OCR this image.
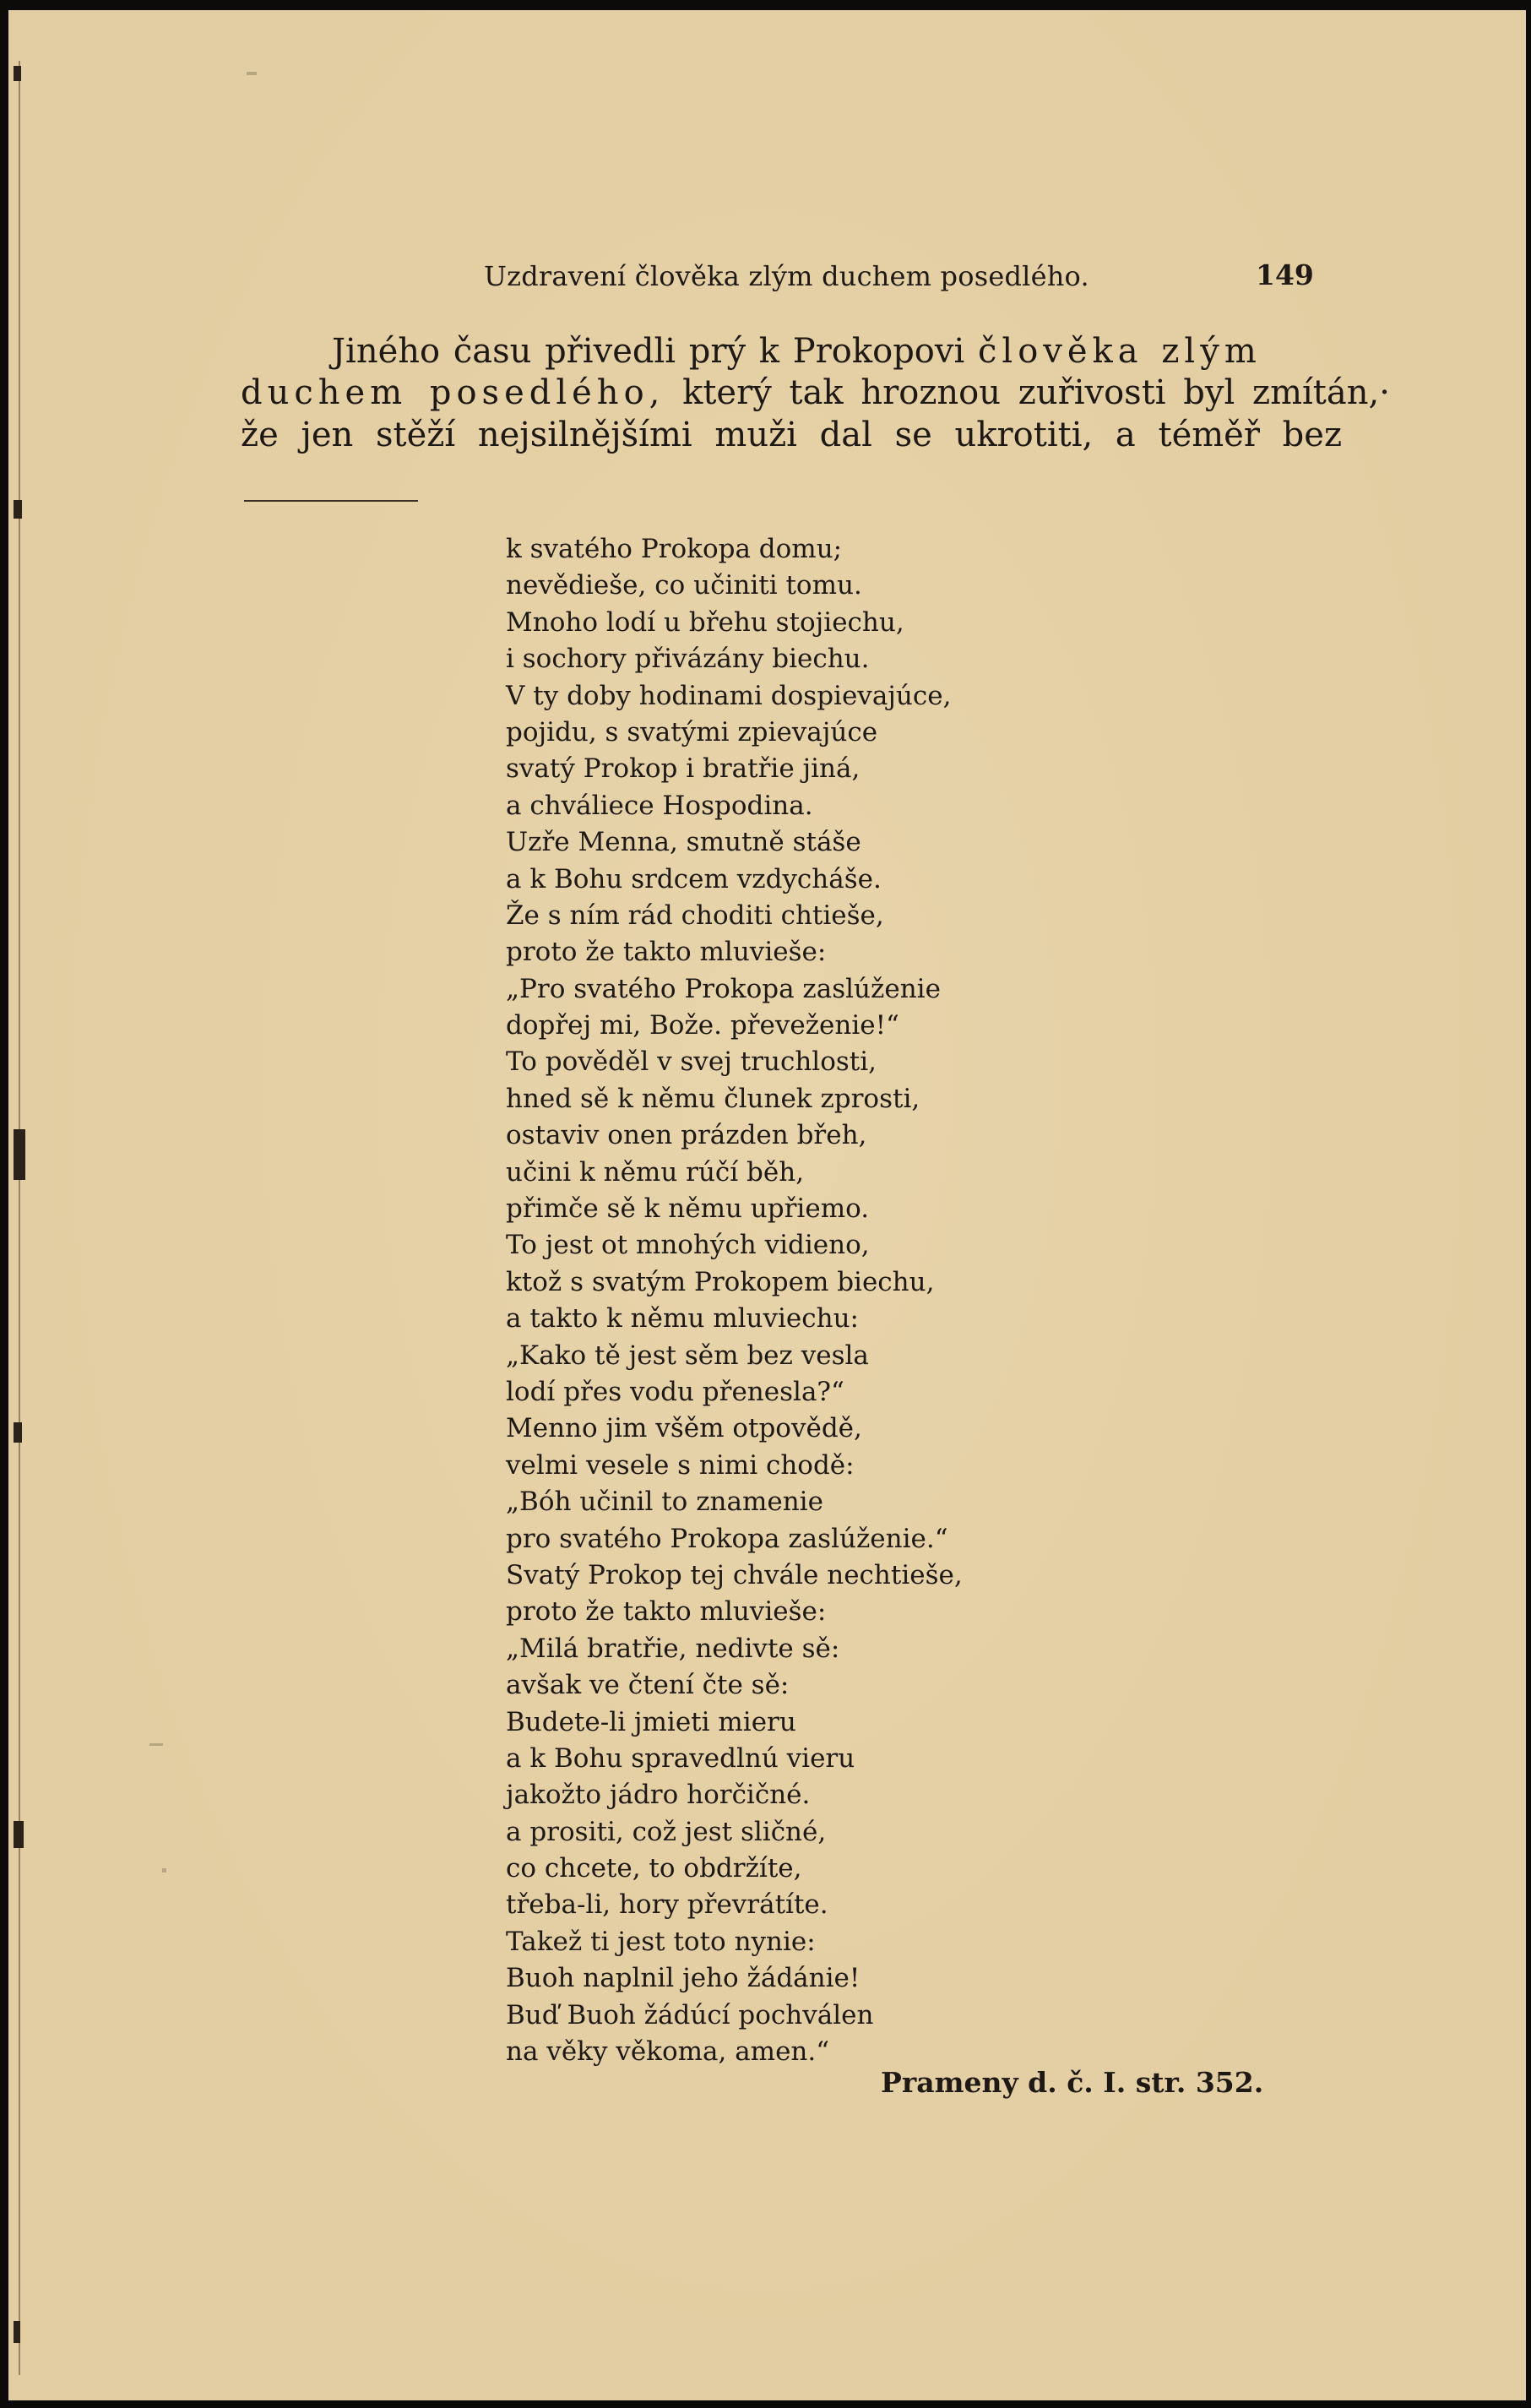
Uzdravení člověka zlým duchem posedlého.	149
Jiného času přivedli prý k Prokopovi člověka zlým
duchem posedlého, který tak hroznou zuřivosti byl zmítán,·
že jen stěží nejsilnějšími muži dal se ukrotiti, a téměř bez
k svatého Prokopa domu;
nevědieše, co učiniti tomu.
Mnoho lodí u břehu stojiechu,
i sochory přivázány biechu.
V ty doby hodinami dospievajúce,
pojidu, s svatými zpievajúce
svatý Prokop i bratřie jiná,
a chváliece Hospodina.
Uzře Menna, smutně stáše
a k Bohu srdcem vzdycháše.
Že s ním rád choditi chtieše,
proto že takto mluvieše:
„Pro svatého Prokopa zaslúženie
dopřej mi, Bože. převeženie!“
To pověděl v svej truchlosti,
hned sě k němu člunek zprosti,
ostaviv onen prázden břeh,
učini k němu rúčí běh,
přimče sě k němu upřiemo.
To jest ot mnohých vidieno,
ktož s svatým Prokopem biechu,
a takto k němu mluviechu:
„Kako tě jest sěm bez vesla
lodí přes vodu přenesla?“
Menno jim všěm otpovědě,
velmi vesele s nimi chodě:
„Bóh učinil to znamenie
pro svatého Prokopa zaslúženie.“
Svatý Prokop tej chvále nechtieše,
proto že takto mluvieše:
„Milá bratřie, nedivte sě:
avšak ve čtení čte sě:
Budete-li jmieti mieru
a k Bohu spravedlnú vieru
jakožto jádro horčičné.
a prositi, což jest sličné,
co chcete, to obdržíte,
třeba-li, hory převrátíte.
Takež ti jest toto nynie:
Buoh naplnil jeho žádánie!
Buď Buoh žádúcí pochválen
na věky věkoma, amen.“
Prameny d. č. I. str. 352.
